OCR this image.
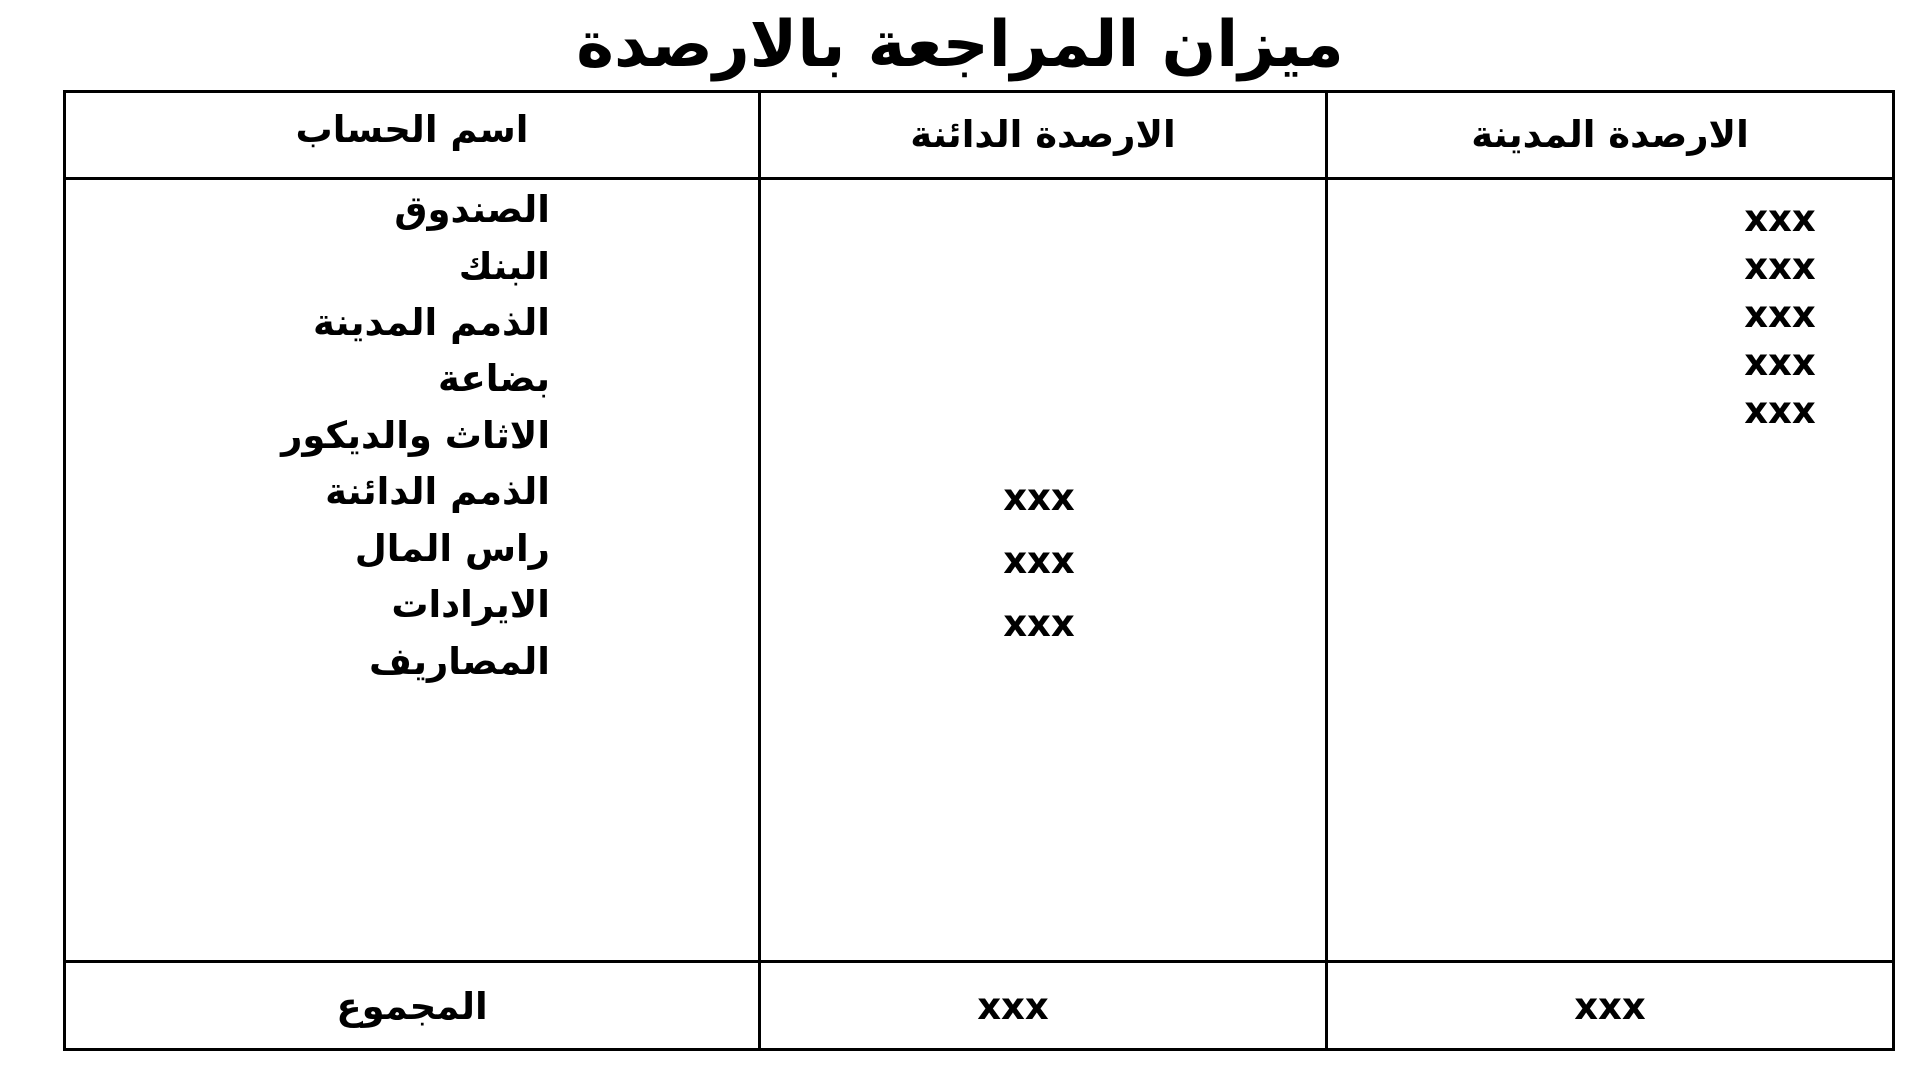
ميزان المراجعة بالارصدة
الارصدة المدينة
الارصدة الدائنة
اسم الحساب
الصندوق
البنك
الذمم المدينة
بضاعة
الاثاث والديكور
الذمم الدائنة
راس المال
الايرادات
المصاريف
xxx
xxx
xxx
xxx
xxx
xxx
xxx
xxx
xxx
xxx
المجموع
